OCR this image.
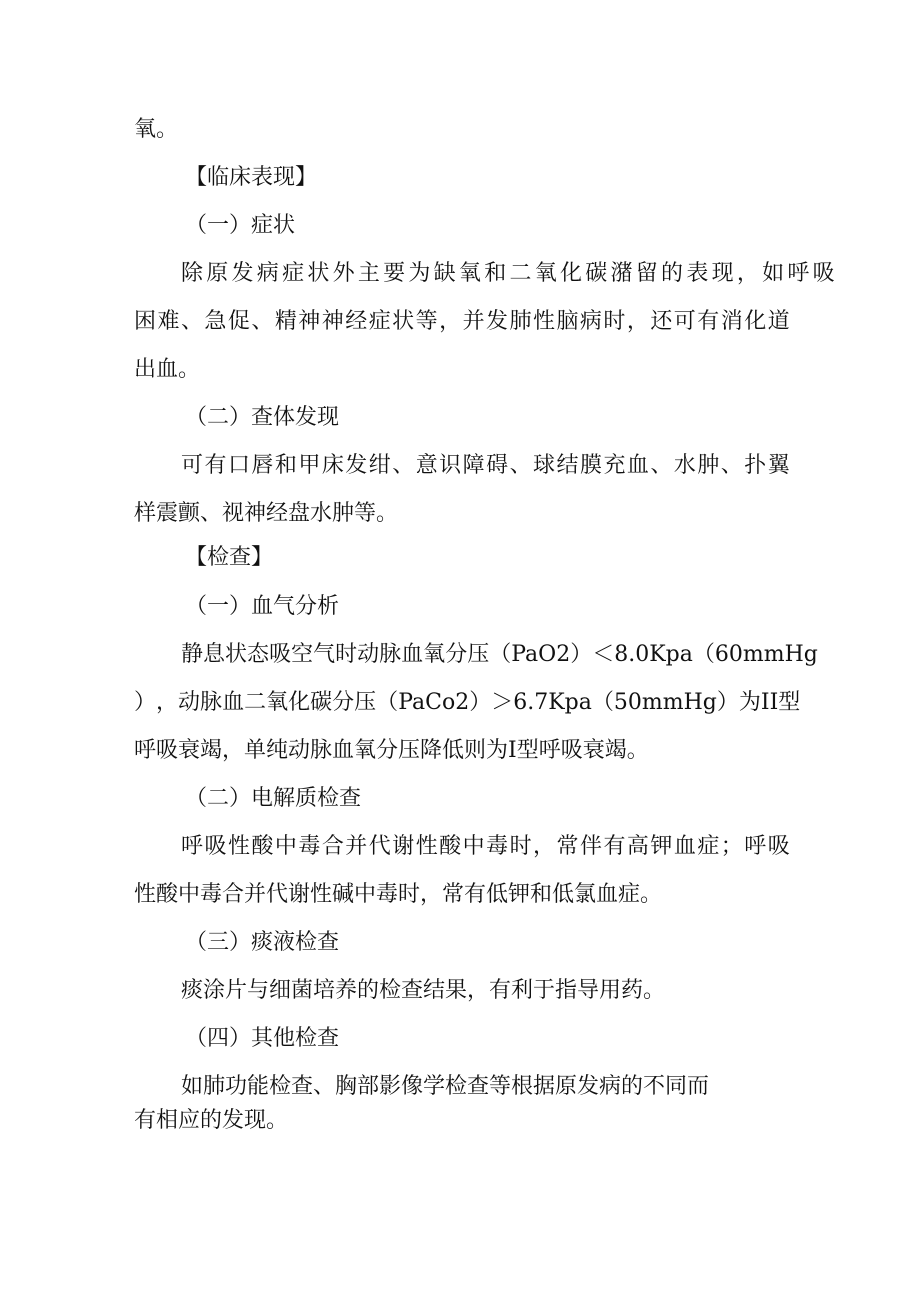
氧。
【临床表现】
（一）症状
除 原 发 病 症 状 外 主 要 为 缺 氧 和 二 氧 化 碳 潴 留 的 表 现 ， 如 呼 吸
困 难 、 急 促 、 精 神 神 经 症 状 等 ， 并 发 肺 性 脑 病 时 ， 还 可 有 消 化 道
出血。
（二）查体发现
可 有 口 唇 和 甲 床 发 绀 、 意 识 障 碍 、 球 结 膜 充 血 、 水 肿 、 扑 翼
样震颤、视神经盘水肿等。
【检查】
（一）血气分析
静 息 状 态 吸 空 气 时 动 脉 血 氧 分 压 （ PaO2 ） ＜ 8.0Kpa （ 60mmHg
） ， 动 脉 血 二 氧 化 碳 分 压 （ PaCo2 ） ＞ 6.7Kpa （ 50mmHg ） 为 II 型
呼吸衰竭，单纯动脉血氧分压降低则为Ⅰ型呼吸衰竭。
（二）电解质检查
呼 吸 性 酸 中 毒 合 并 代 谢 性 酸 中 毒 时 ， 常 伴 有 高 钾 血 症 ； 呼 吸
性酸中毒合并代谢性碱中毒时，常有低钾和低氯血症。
（三）痰液检查
痰涂片与细菌培养的检查结果，有利于指导用药。
（四）其他检查
如肺功能检查、胸部影像学检查等根据原发病的不同而
有相应的发现。
